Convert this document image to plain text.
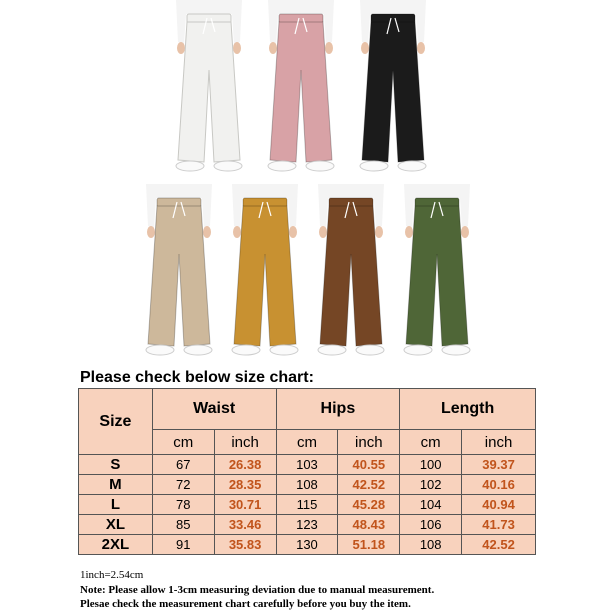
Please check below size chart:
Size	Waist		Hips		Length	
	cm	inch	cm	inch	cm	inch
S	67	26.38	103	40.55	100	39.37
M	72	28.35	108	42.52	102	40.16
L	78	30.71	115	45.28	104	40.94
XL	85	33.46	123	48.43	106	41.73
2XL	91	35.83	130	51.18	108	42.52
1inch=2.54cm
Note: Please allow 1-3cm measuring deviation due to manual measurement.
Plesae check the measurement chart carefully before you buy the item.
